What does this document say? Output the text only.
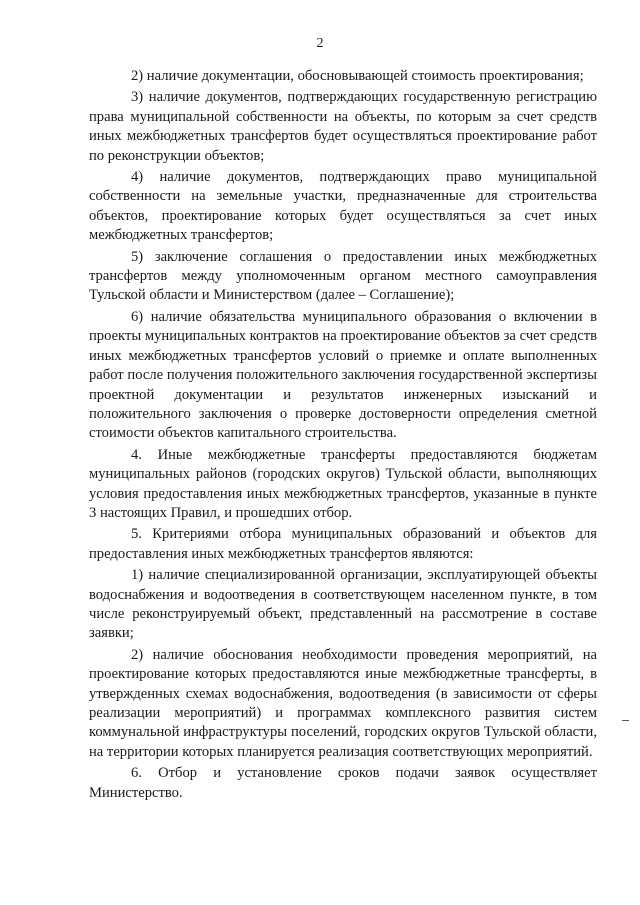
2

2) наличие документации, обосновывающей стоимость проектирования;

3) наличие документов, подтверждающих государственную регистрацию права муниципальной собственности на объекты, по которым за счет средств иных межбюджетных трансфертов будет осуществляться проектирование работ по реконструкции объектов;

4) наличие документов, подтверждающих право муниципальной собственности на земельные участки, предназначенные для строительства объектов, проектирование которых будет осуществляться за счет иных межбюджетных трансфертов;

5) заключение соглашения о предоставлении иных межбюджетных трансфертов между уполномоченным органом местного самоуправления Тульской области и Министерством (далее – Соглашение);

6) наличие обязательства муниципального образования о включении в проекты муниципальных контрактов на проектирование объектов за счет средств иных межбюджетных трансфертов условий о приемке и оплате выполненных работ после получения положительного заключения государственной экспертизы проектной документации и результатов инженерных изысканий и положительного заключения о проверке достоверности определения сметной стоимости объектов капитального строительства.

4. Иные межбюджетные трансферты предоставляются бюджетам муниципальных районов (городских округов) Тульской области, выполняющих условия предоставления иных межбюджетных трансфертов, указанные в пункте 3 настоящих Правил, и прошедших отбор.

5. Критериями отбора муниципальных образований и объектов для предоставления иных межбюджетных трансфертов являются:

1) наличие специализированной организации, эксплуатирующей объекты водоснабжения и водоотведения в соответствующем населенном пункте, в том числе реконструируемый объект, представленный на рассмотрение в составе заявки;

2) наличие обоснования необходимости проведения мероприятий, на проектирование которых предоставляются иные межбюджетные трансферты, в утвержденных схемах водоснабжения, водоотведения (в зависимости от сферы реализации мероприятий) и программах комплексного развития систем коммунальной инфраструктуры поселений, городских округов Тульской области, на территории которых планируется реализация соответствующих мероприятий.

6. Отбор и установление сроков подачи заявок осуществляет Министерство.
